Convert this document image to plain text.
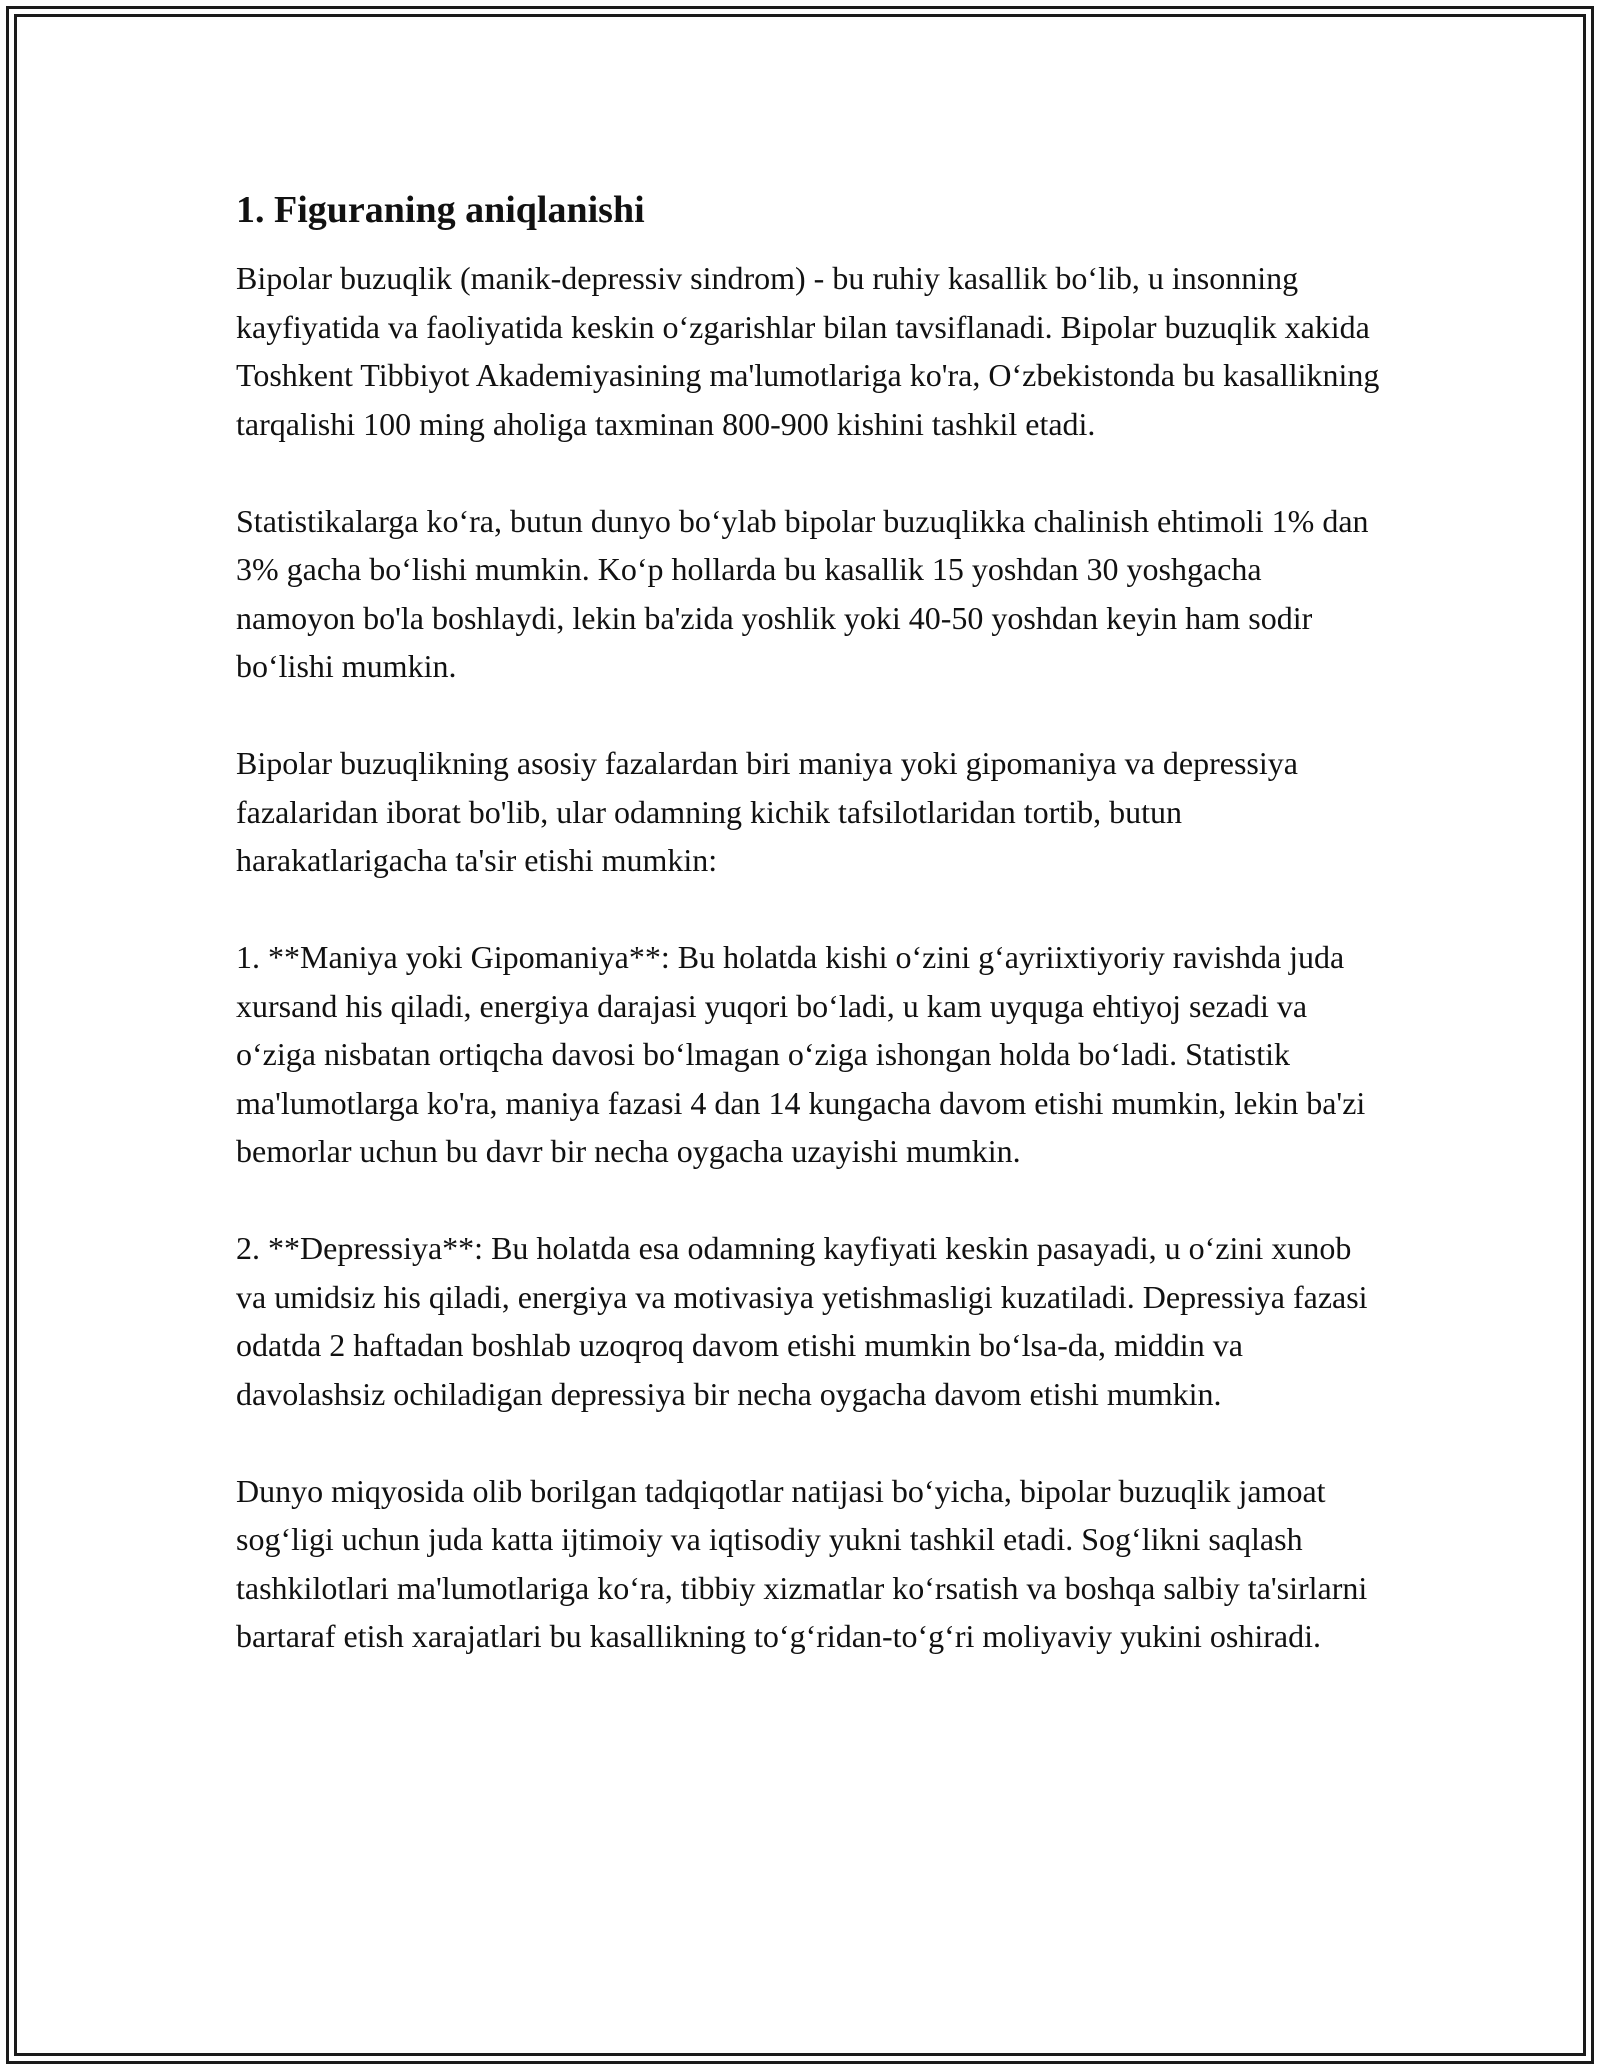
1. Figuraning aniqlanishi

Bipolar buzuqlik (manik-depressiv sindrom) - bu ruhiy kasallik bo‘lib, u insonning kayfiyatida va faoliyatida keskin o‘zgarishlar bilan tavsiflanadi. Bipolar buzuqlik xakida Toshkent Tibbiyot Akademiyasining ma'lumotlariga ko'ra, O‘zbekistonda bu kasallikning tarqalishi 100 ming aholiga taxminan 800-900 kishini tashkil etadi.

Statistikalarga ko‘ra, butun dunyo bo‘ylab bipolar buzuqlikka chalinish ehtimoli 1% dan 3% gacha bo‘lishi mumkin. Ko‘p hollarda bu kasallik 15 yoshdan 30 yoshgacha namoyon bo'la boshlaydi, lekin ba'zida yoshlik yoki 40-50 yoshdan keyin ham sodir bo‘lishi mumkin.

Bipolar buzuqlikning asosiy fazalardan biri maniya yoki gipomaniya va depressiya fazalaridan iborat bo'lib, ular odamning kichik tafsilotlaridan tortib, butun harakatlarigacha ta'sir etishi mumkin:

1. **Maniya yoki Gipomaniya**: Bu holatda kishi o‘zini g‘ayriixtiyoriy ravishda juda xursand his qiladi, energiya darajasi yuqori bo‘ladi, u kam uyquga ehtiyoj sezadi va o‘ziga nisbatan ortiqcha davosi bo‘lmagan o‘ziga ishongan holda bo‘ladi. Statistik ma'lumotlarga ko'ra, maniya fazasi 4 dan 14 kungacha davom etishi mumkin, lekin ba'zi bemorlar uchun bu davr bir necha oygacha uzayishi mumkin.

2. **Depressiya**: Bu holatda esa odamning kayfiyati keskin pasayadi, u o‘zini xunob va umidsiz his qiladi, energiya va motivasiya yetishmasligi kuzatiladi. Depressiya fazasi odatda 2 haftadan boshlab uzoqroq davom etishi mumkin bo‘lsa-da, middin va davolashsiz ochiladigan depressiya bir necha oygacha davom etishi mumkin.

Dunyo miqyosida olib borilgan tadqiqotlar natijasi bo‘yicha, bipolar buzuqlik jamoat sog‘ligi uchun juda katta ijtimoiy va iqtisodiy yukni tashkil etadi. Sog‘likni saqlash tashkilotlari ma'lumotlariga ko‘ra, tibbiy xizmatlar ko‘rsatish va boshqa salbiy ta'sirlarni bartaraf etish xarajatlari bu kasallikning to‘g‘ridan-to‘g‘ri moliyaviy yukini oshiradi.
